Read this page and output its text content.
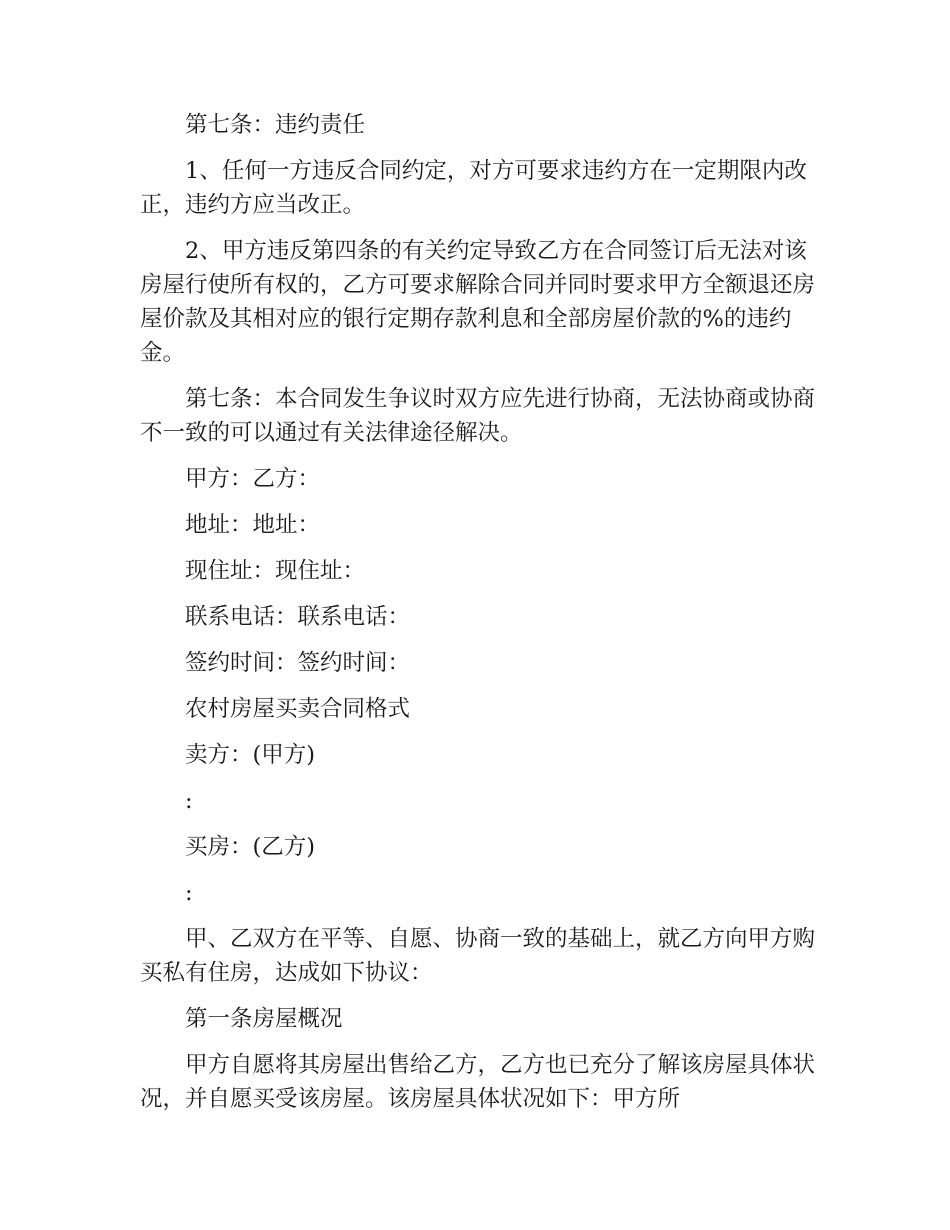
第七条：违约责任

1、任何一方违反合同约定，对方可要求违约方在一定期限内改正，违约方应当改正。

2、甲方违反第四条的有关约定导致乙方在合同签订后无法对该房屋行使所有权的，乙方可要求解除合同并同时要求甲方全额退还房屋价款及其相对应的银行定期存款利息和全部房屋价款的%的违约金。

第七条：本合同发生争议时双方应先进行协商，无法协商或协商不一致的可以通过有关法律途径解决。

甲方：乙方：

地址：地址：

现住址：现住址：

联系电话：联系电话：

签约时间：签约时间：

农村房屋买卖合同格式

卖方：(甲方)

:

买房：(乙方)

:

甲、乙双方在平等、自愿、协商一致的基础上，就乙方向甲方购买私有住房，达成如下协议：

第一条房屋概况

甲方自愿将其房屋出售给乙方，乙方也已充分了解该房屋具体状况，并自愿买受该房屋。该房屋具体状况如下：甲方所
